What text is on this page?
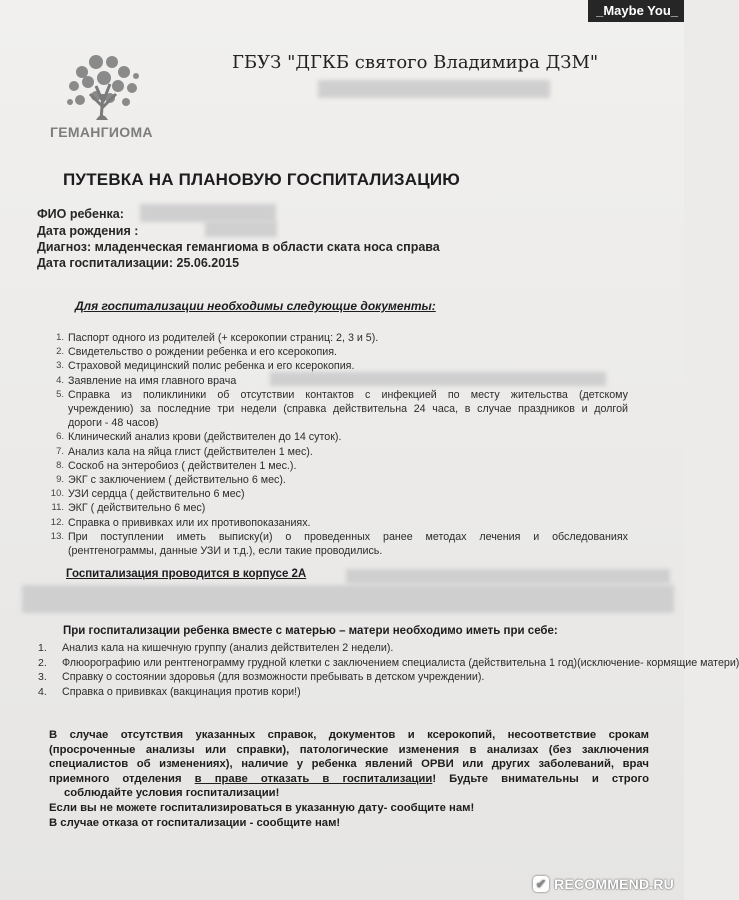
_Maybe You_
ГЕМАНГИОМА
ГБУЗ "ДГКБ святого Владимира ДЗМ"
ПУТЕВКА НА ПЛАНОВУЮ ГОСПИТАЛИЗАЦИЮ
ФИО ребенка:
Дата рождения :
Диагноз: младенческая гемангиома в области ската носа справа
Дата госпитализации: 25.06.2015
Для госпитализации необходимы следующие документы:
1. Паспорт одного из родителей (+ ксерокопии страниц: 2, 3 и 5).
2. Свидетельство о рождении ребенка и его ксерокопия.
3. Страховой медицинский полис ребенка и его ксерокопия.
4. Заявление на имя главного врача
5. Справка из поликлиники об отсутствии контактов с инфекцией по месту жительства (детскому
учреждению) за последние три недели (справка действительна 24 часа, в случае праздников и долгой
дороги - 48 часов)
6. Клинический анализ крови (действителен до 14 суток).
7. Анализ кала на яйца глист (действителен 1 мес).
8. Соскоб на энтеробиоз ( действителен 1 мес.).
9. ЭКГ с заключением ( действительно 6 мес).
10. УЗИ сердца ( действительно 6 мес)
11. ЭКГ ( действительно 6 мес)
12. Справка о прививках или их противопоказаниях.
13. При поступлении иметь выписку(и) о проведенных ранее методах лечения и обследованиях
(рентгенограммы, данные УЗИ и т.д.), если такие проводились.
Госпитализация проводится в корпусе 2А
При госпитализации ребенка вместе с матерью – матери необходимо иметь при себе:
1. Анализ кала на кишечную группу (анализ действителен 2 недели).
2. Флюорографию или рентгенограмму грудной клетки с заключением специалиста (действительна 1 год)(исключение- кормящие матери)
3. Справку о состоянии здоровья (для возможности пребывать в детском учреждении).
4. Справка о прививках (вакцинация против кори!)
В случае отсутствия указанных справок, документов и ксерокопий, несоответствие срокам
(просроченные анализы или справки), патологические изменения в анализах (без заключения
специалистов об изменениях), наличие у ребенка явлений ОРВИ или других заболеваний, врач
приемного отделения в праве отказать в госпитализации! Будьте внимательны и строго
соблюдайте условия госпитализации!
Если вы не можете госпитализироваться в указанную дату- сообщите нам!
В случае отказа от госпитализации - сообщите нам!
✔ RECOMMEND.RU
